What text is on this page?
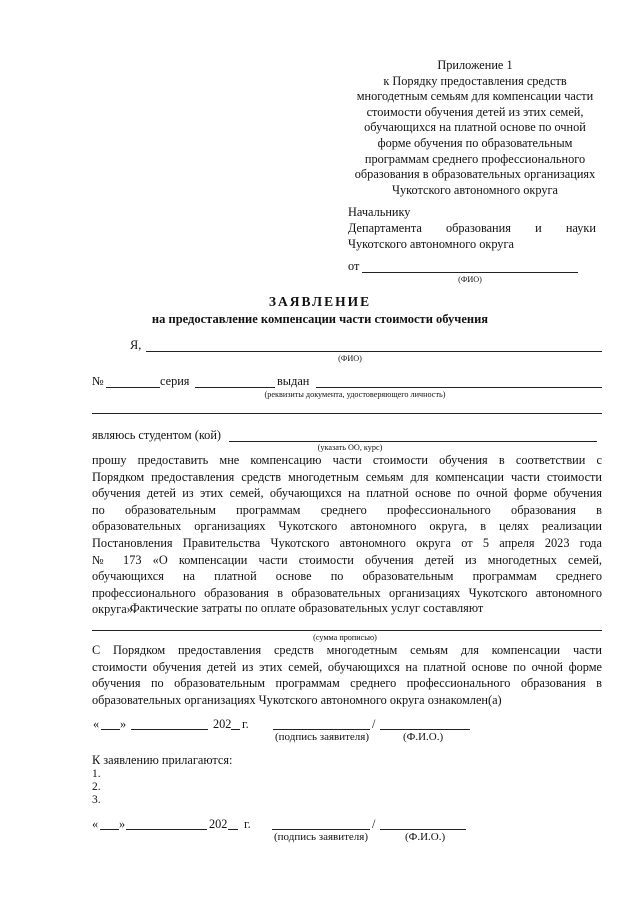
Приложение 1
к Порядку предоставления средств
многодетным семьям для компенсации части
стоимости обучения детей из этих семей,
обучающихся на платной основе по очной
форме обучения по образовательным
программам среднего профессионального
образования в образовательных организациях
Чукотского автономного округа
Начальнику
Департамента образования и науки
Чукотского автономного округа
от
(ФИО)
ЗАЯВЛЕНИЕ
на предоставление компенсации части стоимости обучения
Я,
(ФИО)
№	серия	выдан
(реквизиты документа, удостоверяющего личность)
являюсь студентом (кой)
(указать ОО, курс)
прошу предоставить мне компенсацию части стоимости обучения в соответствии с
Порядком предоставления средств многодетным семьям для компенсации части стоимости
обучения детей из этих семей, обучающихся на платной основе по очной форме обучения
по образовательным программам среднего профессионального образования в
образовательных организациях Чукотского автономного округа, в целях реализации
Постановления Правительства Чукотского автономного округа от 5 апреля 2023 года
№ 173 «О компенсации части стоимости обучения детей из многодетных семей,
обучающихся на платной основе по образовательным программам среднего
профессионального образования в образовательных организациях Чукотского автономного
округа».
Фактические затраты по оплате образовательных услуг составляют
(сумма прописью)
С Порядком предоставления средств многодетным семьям для компенсации части
стоимости обучения детей из этих семей, обучающихся на платной основе по очной форме
обучения по образовательным программам среднего профессионального образования в
образовательных организациях Чукотского автономного округа ознакомлен(а)
« »	202 г.	/
(подпись заявителя)	(Ф.И.О.)
К заявлению прилагаются:
1.
2.
3.
« »	202 г.	/
(подпись заявителя)	(Ф.И.О.)
